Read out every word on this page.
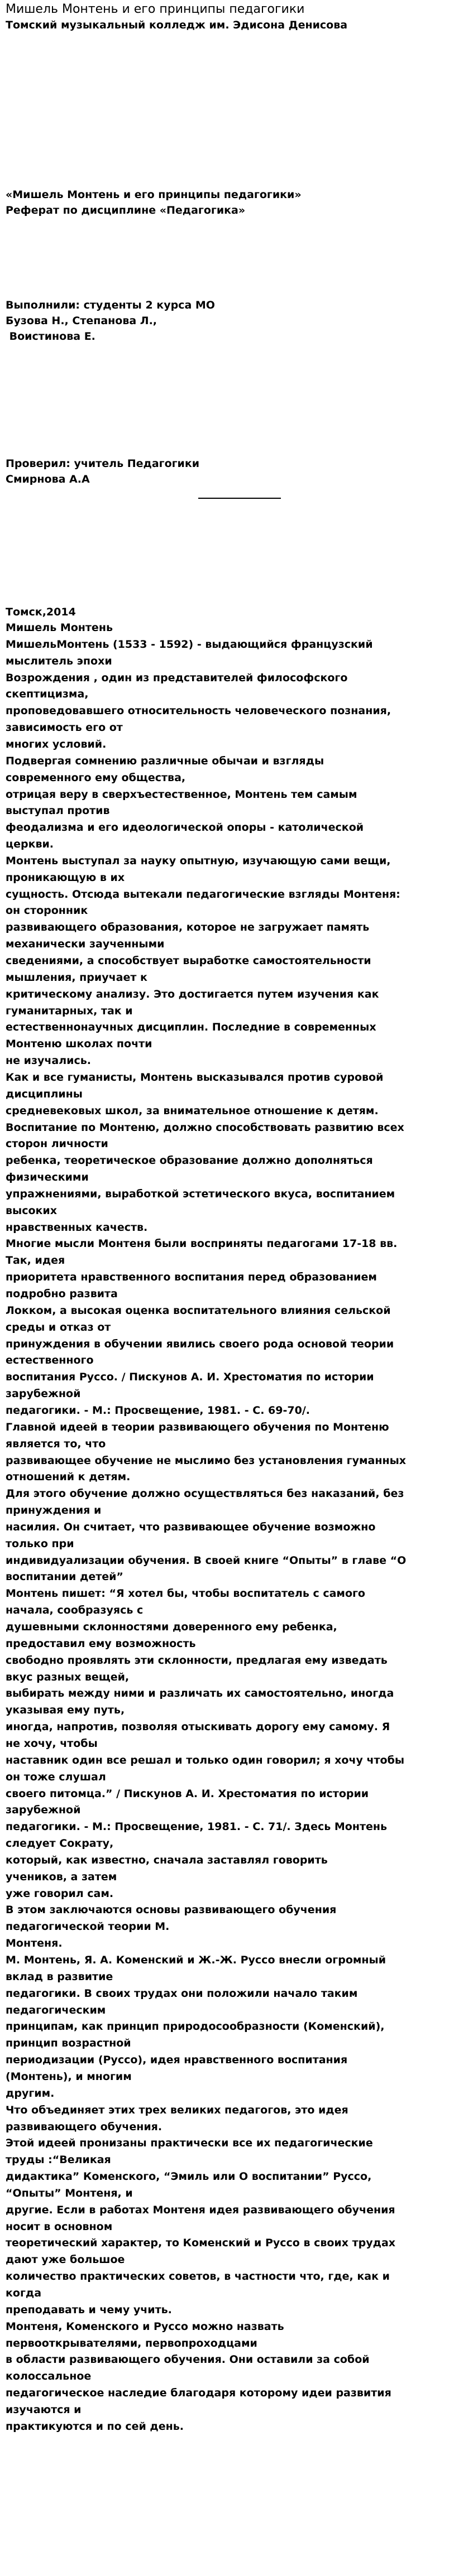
Мишель Монтень и его принципы педагогики
Томский музыкальный колледж им. Эдисона Денисова
«Мишель Монтень и его принципы педагогики»
Реферат по дисциплине «Педагогика»
Выполнили: студенты 2 курса МО
Бузова Н., Степанова Л.,
Воистинова Е.
Проверил: учитель Педагогики
Смирнова А.А
Томск,2014
Мишель Монтень
МишельМонтень (1533 - 1592) - выдающийся французский
мыслитель эпохи
Возрождения , один из представителей философского
скептицизма,
проповедовавшего относительность человеческого познания,
зависимость его от
многих условий.
Подвергая сомнению различные обычаи и взгляды
современного ему общества,
отрицая веру в сверхъестественное, Монтень тем самым
выступал против
феодализма и его идеологической опоры - католической
церкви.
Монтень выступал за науку опытную, изучающую сами вещи,
проникающую в их
сущность. Отсюда вытекали педагогические взгляды Монтеня:
он сторонник
развивающего образования, которое не загружает память
механически заученными
сведениями, а способствует выработке самостоятельности
мышления, приучает к
критическому анализу. Это достигается путем изучения как
гуманитарных, так и
естественнонаучных дисциплин. Последние в современных
Монтеню школах почти
не изучались.
Как и все гуманисты, Монтень высказывался против суровой
дисциплины
средневековых школ, за внимательное отношение к детям.
Воспитание по Монтеню, должно способствовать развитию всех
сторон личности
ребенка, теоретическое образование должно дополняться
физическими
упражнениями, выработкой эстетического вкуса, воспитанием
высоких
нравственных качеств.
Многие мысли Монтеня были восприняты педагогами 17-18 вв.
Так, идея
приоритета нравственного воспитания перед образованием
подробно развита
Локком, а высокая оценка воспитательного влияния сельской
среды и отказ от
принуждения в обучении явились своего рода основой теории
естественного
воспитания Руссо. / Пискунов А. И. Хрестоматия по истории
зарубежной
педагогики. - М.: Просвещение, 1981. - С. 69-70/.
Главной идеей в теории развивающего обучения по Монтеню
является то, что
развивающее обучение не мыслимо без установления гуманных
отношений к детям.
Для этого обучение должно осуществляться без наказаний, без
принуждения и
насилия. Он считает, что развивающее обучение возможно
только при
индивидуализации обучения. В своей книге “Опыты” в главе “О
воспитании детей”
Монтень пишет: “Я хотел бы, чтобы воспитатель с самого
начала, сообразуясь с
душевными склонностями доверенного ему ребенка,
предоставил ему возможность
свободно проявлять эти склонности, предлагая ему изведать
вкус разных вещей,
выбирать между ними и различать их самостоятельно, иногда
указывая ему путь,
иногда, напротив, позволяя отыскивать дорогу ему самому. Я
не хочу, чтобы
наставник один все решал и только один говорил; я хочу чтобы
он тоже слушал
своего питомца.” / Пискунов А. И. Хрестоматия по истории
зарубежной
педагогики. - М.: Просвещение, 1981. - С. 71/. Здесь Монтень
следует Сократу,
который, как известно, сначала заставлял говорить
учеников, а затем
уже говорил сам.
В этом заключаются основы развивающего обучения
педагогической теории М.
Монтеня.
М. Монтень, Я. А. Коменский и Ж.-Ж. Руссо внесли огромный
вклад в развитие
педагогики. В своих трудах они положили начало таким
педагогическим
принципам, как принцип природосообразности (Коменский),
принцип возрастной
периодизации (Руссо), идея нравственного воспитания
(Монтень), и многим
другим.
Что объединяет этих трех великих педагогов, это идея
развивающего обучения.
Этой идеей пронизаны практически все их педагогические
труды :“Великая
дидактика” Коменского, “Эмиль или О воспитании” Руссо,
“Опыты” Монтеня, и
другие. Если в работах Монтеня идея развивающего обучения
носит в основном
теоретический характер, то Коменский и Руссо в своих трудах
дают уже большое
количество практических советов, в частности что, где, как и
когда
преподавать и чему учить.
Монтеня, Коменского и Руссо можно назвать
первооткрывателями, первопроходцами
в области развивающего обучения. Они оставили за собой
колоссальное
педагогическое наследие благодаря которому идеи развития
изучаются и
практикуются и по сей день.
